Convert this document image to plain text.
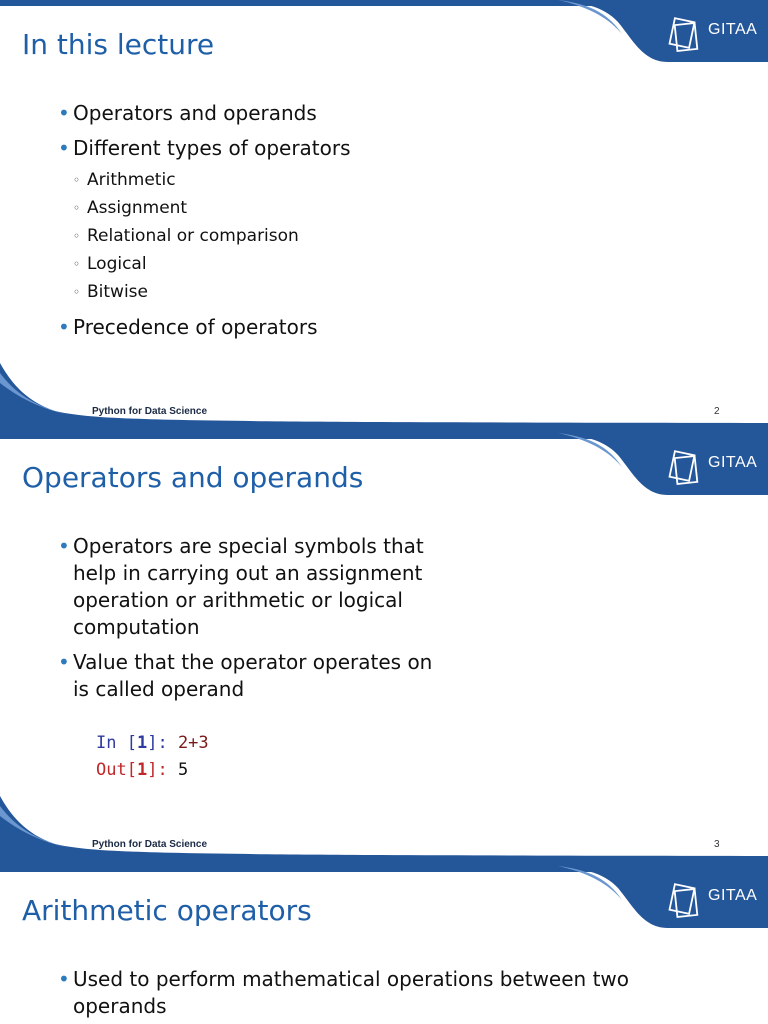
GITAA
In this lecture
• Operators and operands
• Different types of operators
◦ Arithmetic
◦ Assignment
◦ Relational or comparison
◦ Logical
◦ Bitwise
• Precedence of operators
Python for Data Science	2
GITAA
Operators and operands
• Operators are special symbols that help in carrying out an assignment operation or arithmetic or logical computation
• Value that the operator operates on is called operand
In [1]: 2+3
Out[1]: 5
Python for Data Science	3
GITAA
Arithmetic operators
• Used to perform mathematical operations between two operands
